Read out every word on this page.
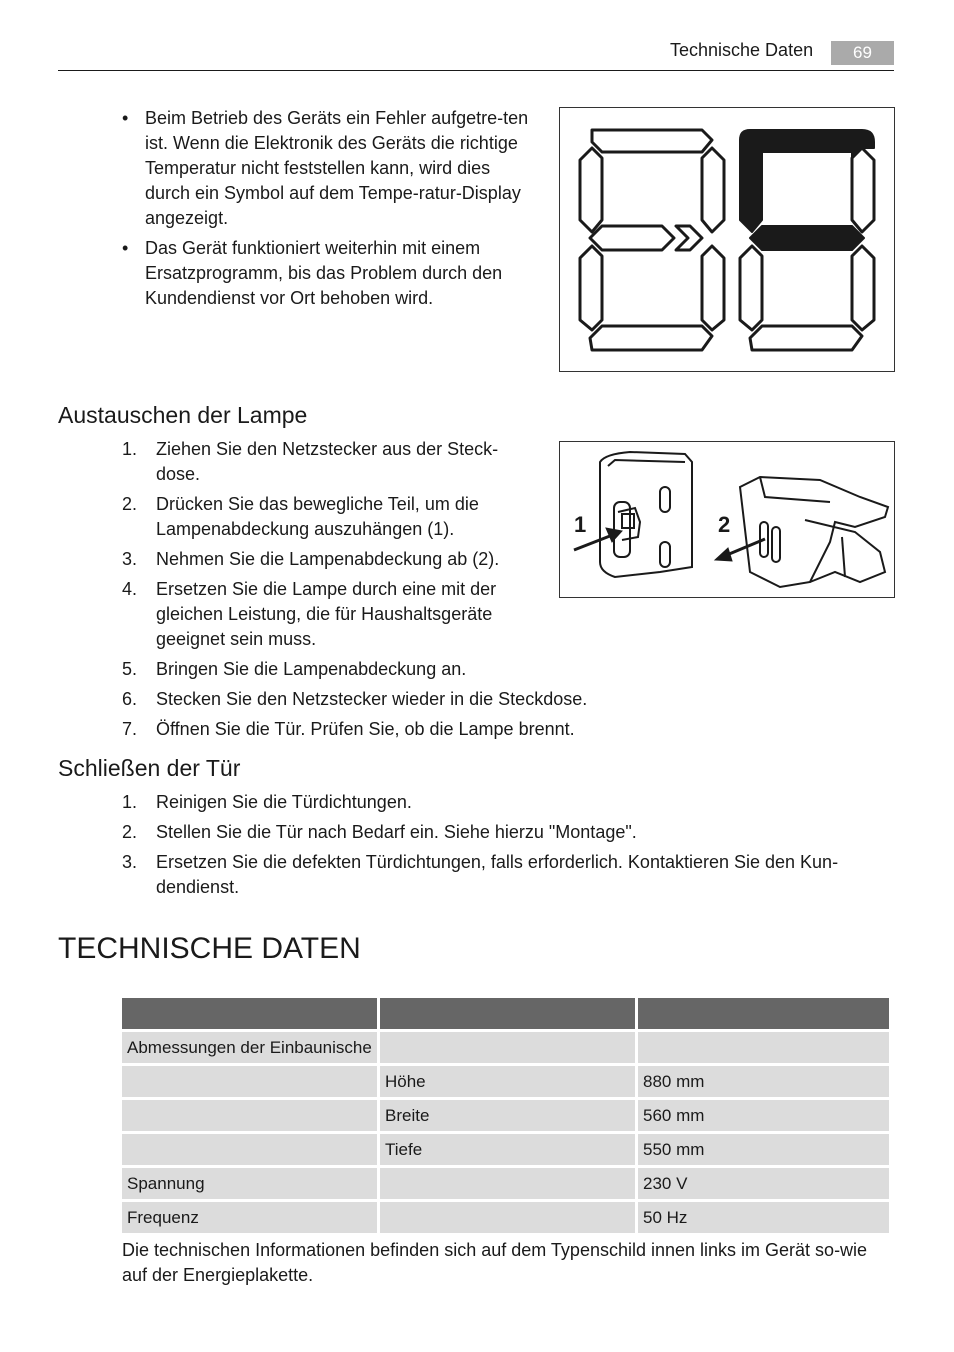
Technische Daten	69
• Beim Betrieb des Geräts ein Fehler aufgetre-ten ist. Wenn die Elektronik des Geräts die richtige Temperatur nicht feststellen kann, wird dies durch ein Symbol auf dem Tempe-ratur-Display angezeigt.
• Das Gerät funktioniert weiterhin mit einem Ersatzprogramm, bis das Problem durch den Kundendienst vor Ort behoben wird.
Austauschen der Lampe
1	2
1. Ziehen Sie den Netzstecker aus der Steck-dose.
2. Drücken Sie das bewegliche Teil, um die Lampenabdeckung auszuhängen (1).
3. Nehmen Sie die Lampenabdeckung ab (2).
4. Ersetzen Sie die Lampe durch eine mit der gleichen Leistung, die für Haushaltsgeräte geeignet sein muss.
5. Bringen Sie die Lampenabdeckung an.
6. Stecken Sie den Netzstecker wieder in die Steckdose.
7. Öffnen Sie die Tür. Prüfen Sie, ob die Lampe brennt.
Schließen der Tür
1. Reinigen Sie die Türdichtungen.
2. Stellen Sie die Tür nach Bedarf ein. Siehe hierzu "Montage".
3. Ersetzen Sie die defekten Türdichtungen, falls erforderlich. Kontaktieren Sie den Kun-dendienst.
TECHNISCHE DATEN

Abmessungen der Einbaunische		
	Höhe	880 mm
	Breite	560 mm
	Tiefe	550 mm
Spannung		230 V
Frequenz		50 Hz

Die technischen Informationen befinden sich auf dem Typenschild innen links im Gerät so-wie auf der Energieplakette.
